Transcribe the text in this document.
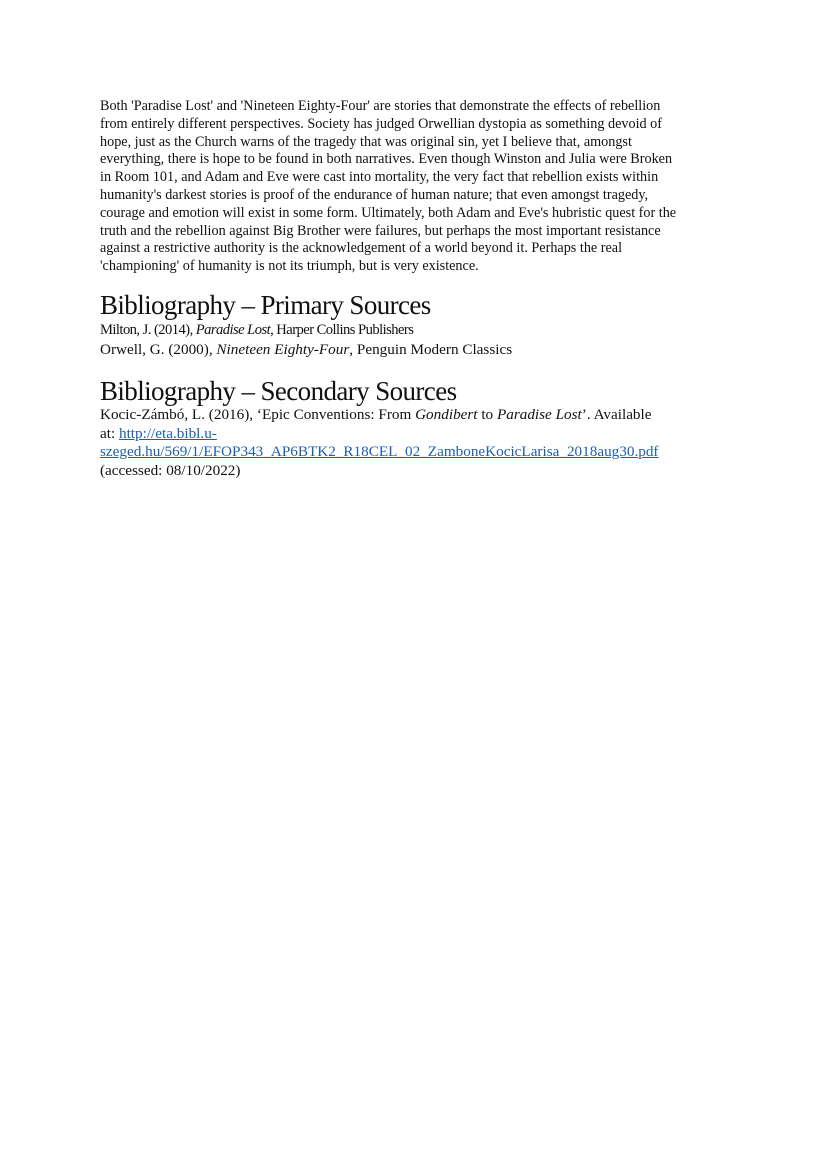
Both 'Paradise Lost' and 'Nineteen Eighty-Four' are stories that demonstrate the effects of rebellion
from entirely different perspectives. Society has judged Orwellian dystopia as something devoid of
hope, just as the Church warns of the tragedy that was original sin, yet I believe that, amongst
everything, there is hope to be found in both narratives. Even though Winston and Julia were Broken
in Room 101, and Adam and Eve were cast into mortality, the very fact that rebellion exists within
humanity's darkest stories is proof of the endurance of human nature; that even amongst tragedy,
courage and emotion will exist in some form. Ultimately, both Adam and Eve's hubristic quest for the
truth and the rebellion against Big Brother were failures, but perhaps the most important resistance
against a restrictive authority is the acknowledgement of a world beyond it. Perhaps the real
'championing' of humanity is not its triumph, but is very existence.

Bibliography – Primary Sources
Milton, J. (2014), Paradise Lost, Harper Collins Publishers
Orwell, G. (2000), Nineteen Eighty-Four, Penguin Modern Classics
Bibliography – Secondary Sources
Kocic-Zámbó, L. (2016), ‘Epic Conventions: From Gondibert to Paradise Lost’. Available
at: http://eta.bibl.u-
szeged.hu/569/1/EFOP343_AP6BTK2_R18CEL_02_ZamboneKocicLarisa_2018aug30.pdf
(accessed: 08/10/2022)
